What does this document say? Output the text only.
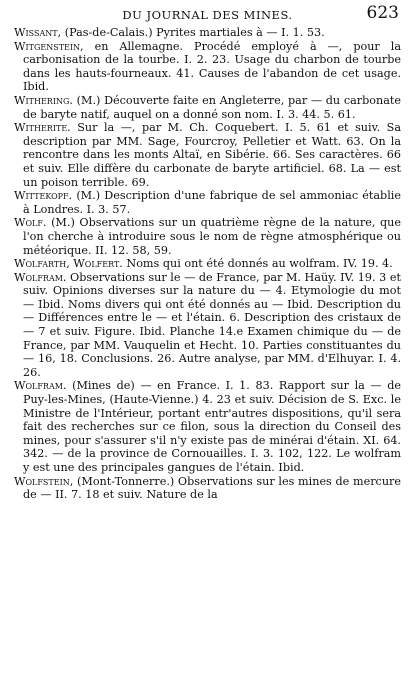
DU JOURNAL DES MINES.	623

Wissant, (Pas-de-Calais.) Pyrites martiales à — I. 1. 53.

Witgenstein, en Allemagne. Procédé employé à —, pour la carbonisation de la tourbe. I. 2. 23. Usage du charbon de tourbe dans les hauts-fourneaux. 41. Causes de l'abandon de cet usage. Ibid.

Withering. (M.) Découverte faite en Angleterre, par — du carbonate de baryte natif, auquel on a donné son nom. I. 3. 44. 5. 61.

Witherite. Sur la —, par M. Ch. Coquebert. I. 5. 61 et suiv. Sa description par MM. Sage, Fourcroy, Pelletier et Watt. 63. On la rencontre dans les monts Altaï, en Sibérie. 66. Ses caractères. 66 et suiv. Elle diffère du carbonate de baryte artificiel. 68. La — est un poison terrible. 69.

Wittekopf. (M.) Description d'une fabrique de sel ammoniac établie à Londres. I. 3. 57.

Wolf. (M.) Observations sur un quatrième règne de la nature, que l'on cherche à introduire sous le nom de règne atmosphérique ou météorique. II. 12. 58, 59.

Wolfarth, Wolfert. Noms qui ont été donnés au wolfram. IV. 19. 4.

Wolfram. Observations sur le — de France, par M. Haüy. IV. 19. 3 et suiv. Opinions diverses sur la nature du — 4. Etymologie du mot — Ibid. Noms divers qui ont été donnés au — Ibid. Description du — Différences entre le — et l'étain. 6. Description des cristaux de — 7 et suiv. Figure. Ibid. Planche 14.e Examen chimique du — de France, par MM. Vauquelin et Hecht. 10. Parties constituantes du — 16, 18. Conclusions. 26. Autre analyse, par MM. d'Elhuyar. I. 4. 26.

Wolfram. (Mines de) — en France. I. 1. 83. Rapport sur la — de Puy-les-Mines, (Haute-Vienne.) 4. 23 et suiv. Décision de S. Exc. le Ministre de l'Intérieur, portant entr'autres dispositions, qu'il sera fait des recherches sur ce filon, sous la direction du Conseil des mines, pour s'assurer s'il n'y existe pas de minérai d'étain. XI. 64. 342. — de la province de Cornouailles. I. 3. 102, 122. Le wolfram y est une des principales gangues de l'étain. Ibid.

Wolfstein, (Mont-Tonnerre.) Observations sur les mines de mercure de — II. 7. 18 et suiv. Nature de la
